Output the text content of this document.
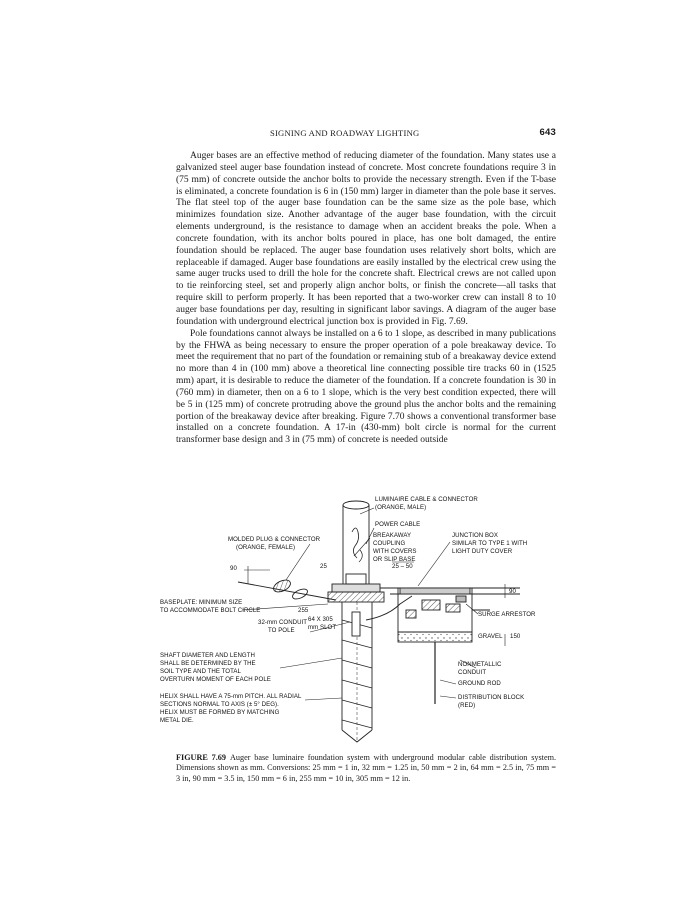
SIGNING AND ROADWAY LIGHTING	643

Auger bases are an effective method of reducing diameter of the foundation. Many states use a galvanized steel auger base foundation instead of concrete. Most concrete foundations require 3 in (75 mm) of concrete outside the anchor bolts to provide the necessary strength. Even if the T-base is eliminated, a concrete foundation is 6 in (150 mm) larger in diameter than the pole base it serves. The flat steel top of the auger base foundation can be the same size as the pole base, which minimizes foundation size. Another advantage of the auger base foundation, with the circuit elements underground, is the resistance to damage when an accident breaks the pole. When a concrete foundation, with its anchor bolts poured in place, has one bolt damaged, the entire foundation should be replaced. The auger base foundation uses relatively short bolts, which are replaceable if damaged. Auger base foundations are easily installed by the electrical crew using the same auger trucks used to drill the hole for the concrete shaft. Electrical crews are not called upon to tie reinforcing steel, set and properly align anchor bolts, or finish the concrete—all tasks that require skill to perform properly. It has been reported that a two-worker crew can install 8 to 10 auger base foundations per day, resulting in significant labor savings. A diagram of the auger base foundation with underground electrical junction box is provided in Fig. 7.69.

Pole foundations cannot always be installed on a 6 to 1 slope, as described in many publications by the FHWA as being necessary to ensure the proper operation of a pole breakaway device. To meet the requirement that no part of the foundation or remaining stub of a breakaway device extend no more than 4 in (100 mm) above a theoretical line connecting possible tire tracks 60 in (1525 mm) apart, it is desirable to reduce the diameter of the foundation. If a concrete foundation is 30 in (760 mm) in diameter, then on a 6 to 1 slope, which is the very best condition expected, there will be 5 in (125 mm) of concrete protruding above the ground plus the anchor bolts and the remaining portion of the breakaway device after breaking. Figure 7.70 shows a conventional transformer base installed on a concrete foundation. A 17-in (430-mm) bolt circle is normal for the current transformer base design and 3 in (75 mm) of concrete is needed outside

LUMINAIRE CABLE & CONNECTOR
(ORANGE, MALE)
POWER CABLE
MOLDED PLUG & CONNECTOR
(ORANGE, FEMALE)
BREAKAWAY
COUPLING
WITH COVERS
OR SLIP BASE
JUNCTION BOX
SIMILAR TO TYPE 1 WITH
LIGHT DUTY COVER
25 – 50
25
90
90
BASEPLATE: MINIMUM SIZE
TO ACCOMMODATE BOLT CIRCLE	255
SURGE ARRESTOR
32-mm CONDUIT
TO POLE
64 X 305
mm SLOT
GRAVEL 150
SHAFT DIAMETER AND LENGTH
SHALL BE DETERMINED BY THE
SOIL TYPE AND THE TOTAL
OVERTURN MOMENT OF EACH POLE
NONMETALLIC
CONDUIT
GROUND ROD
HELIX SHALL HAVE A 75-mm PITCH. ALL RADIAL
SECTIONS NORMAL TO AXIS (± 5° DEG).
HELIX MUST BE FORMED BY MATCHING
METAL DIE.
DISTRIBUTION BLOCK
(RED)
FIGURE 7.69 Auger base luminaire foundation system with underground modular cable distribution system. Dimensions shown as mm. Conversions: 25 mm = 1 in, 32 mm = 1.25 in, 50 mm = 2 in, 64 mm = 2.5 in, 75 mm = 3 in, 90 mm = 3.5 in, 150 mm = 6 in, 255 mm = 10 in, 305 mm = 12 in.
